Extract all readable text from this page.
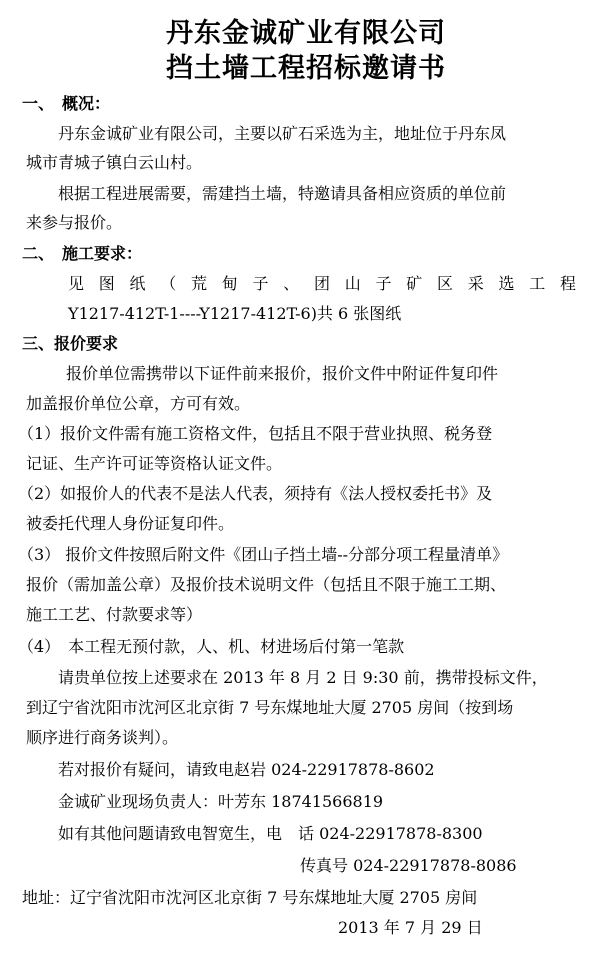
丹东金诚矿业有限公司
挡土墙工程招标邀请书
一、　概况：
丹东金诚矿业有限公司，主要以矿石采选为主，地址位于丹东凤
城市青城子镇白云山村。
根据工程进展需要，需建挡土墙，特邀请具备相应资质的单位前
来参与报价。
二、　施工要求：
见图纸（荒甸子、团山子矿区采选工程
Y1217-412T-1----Y1217-412T-6)共 6 张图纸
三、报价要求
报价单位需携带以下证件前来报价，报价文件中附证件复印件
加盖报价单位公章，方可有效。
（1）报价文件需有施工资格文件，包括且不限于营业执照、税务登
记证、生产许可证等资格认证文件。
（2）如报价人的代表不是法人代表，须持有《法人授权委托书》及
被委托代理人身份证复印件。
（3） 报价文件按照后附文件《团山子挡土墙--分部分项工程量清单》
报价（需加盖公章）及报价技术说明文件（包括且不限于施工工期、
施工工艺、付款要求等）
（4）　本工程无预付款，人、机、材进场后付第一笔款
请贵单位按上述要求在 2013 年 8 月 2 日 9:30 前，携带投标文件，
到辽宁省沈阳市沈河区北京街 7 号东煤地址大厦 2705 房间（按到场
顺序进行商务谈判）。
若对报价有疑问，请致电赵岩 024-22917878-8602
金诚矿业现场负责人：叶芳东 18741566819
如有其他问题请致电智宽生，电　话 024-22917878-8300
传真号 024-22917878-8086
地址：辽宁省沈阳市沈河区北京街 7 号东煤地址大厦 2705 房间
2013 年 7 月 29 日
